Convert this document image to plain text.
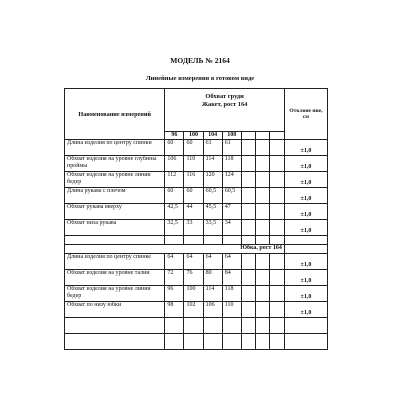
МОДЕЛЬ № 2164
Линейные измерения в готовом виде
Наименование измерений	Обхват груди
Жакет, рост 164							Отклоне ние, см
	96	100	104	108				
Длина изделия по центру спинки	60	60	61	61				±1,0
Обхват изделия на уровне глубины проймы	106	110	114	118				±1,0
Обхват изделия на уровне линии бедер	112	116	120	124				±1,0
Длина рукава с плечом	60	60	60,5	60,5				±1,0
Обхват рукава вверху	42,5	44	45,5	47				±1,0
Обхват низа рукава	32,5	33	33,5	34				±1,0

Юбка, рост 164								
Длина изделия по центру спинке	64	64	64	64				±1,0
Обхват изделия на уровне талии	72	76	80	84				±1,0
Обхват изделия на уровне линии бедер	96	100	114	118				±1,0
Обхват по низу юбки	98	102	106	110				±1,0
